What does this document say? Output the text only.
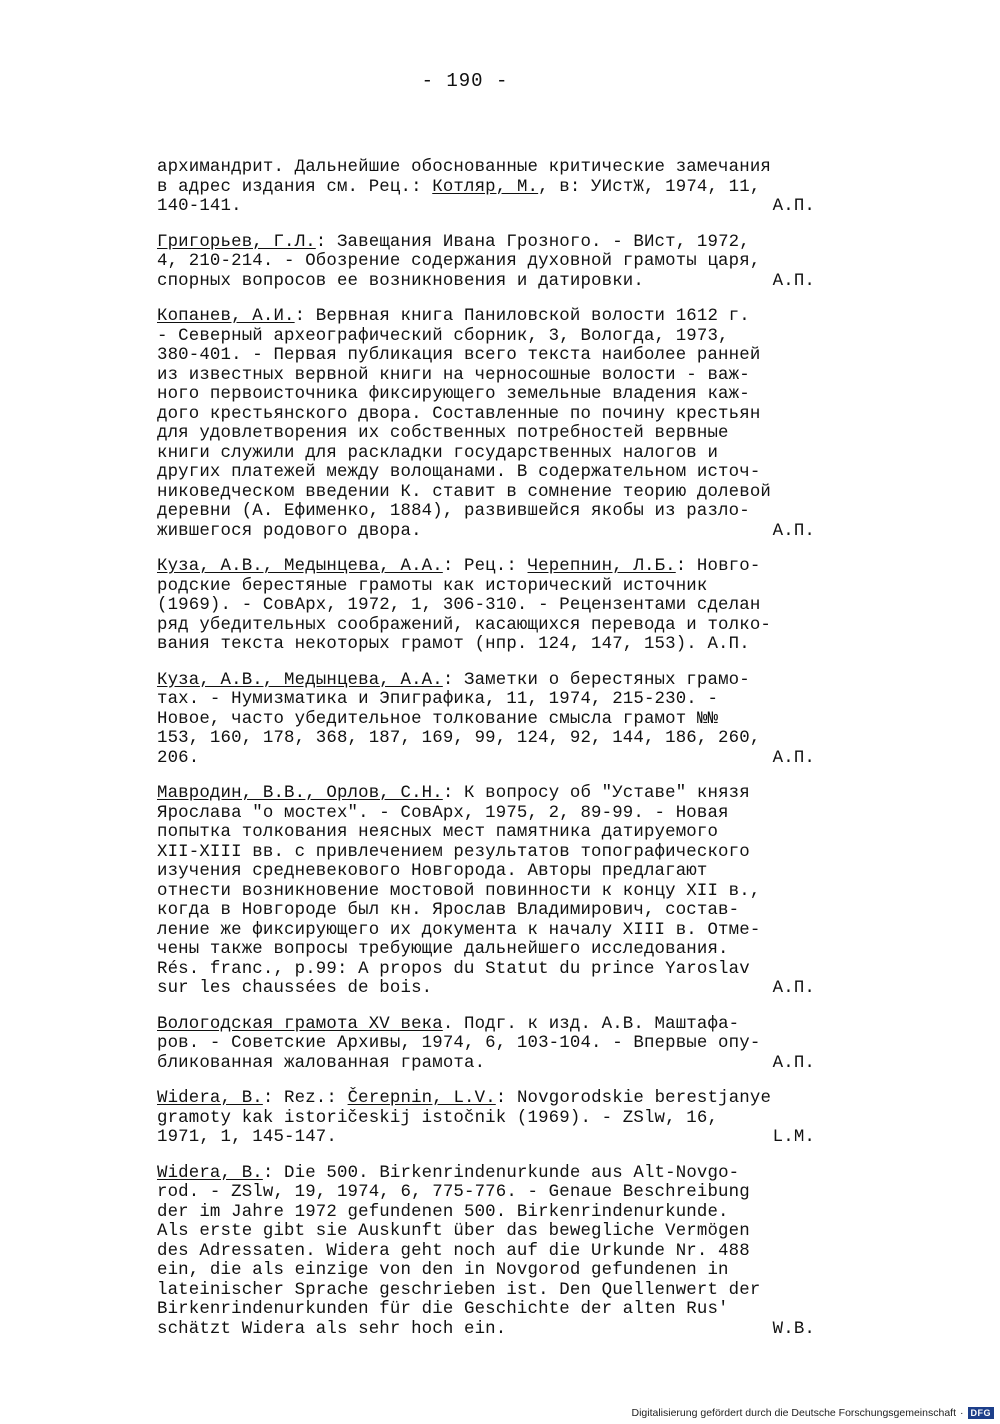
- 190 -
архимандрит. Дальнейшие обоснованные критические замечания
в адрес издания см. Рец.: Котляр, М., в: УИстЖ, 1974, 11,
140-141.	А.П.
Григорьев, Г.Л.: Завещания Ивана Грозного. - ВИст, 1972,
4, 210-214. - Обозрение содержания духовной грамоты царя,
спорных вопросов ее возникновения и датировки.	А.П.
Копанев, А.И.: Вервная книга Паниловской волости 1612 г.
- Северный археографический сборник, 3, Вологда, 1973,
380-401. - Первая публикация всего текста наиболее ранней
из известных вервной книги на черносошные волости - важ-
ного первоисточника фиксирующего земельные владения каж-
дого крестьянского двора. Составленные по почину крестьян
для удовлетворения их собственных потребностей вервные
книги служили для раскладки государственных налогов и
других платежей между волощанами. В содержательном источ-
никоведческом введении К. ставит в сомнение теорию долевой
деревни (А. Ефименко, 1884), развившейся якобы из разло-
жившегося родового двора.	А.П.
Куза, А.В., Медынцева, А.А.: Рец.: Черепнин, Л.Б.: Новго-
родские берестяные грамоты как исторический источник
(1969). - СовАрх, 1972, 1, 306-310. - Рецензентами сделан
ряд убедительных соображений, касающихся перевода и толко-
вания текста некоторых грамот (нпр. 124, 147, 153). А.П.
Куза, А.В., Медынцева, А.А.: Заметки о берестяных грамо-
тах. - Нумизматика и Эпиграфика, 11, 1974, 215-230. -
Новое, часто убедительное толкование смысла грамот №№
153, 160, 178, 368, 187, 169, 99, 124, 92, 144, 186, 260,
206.	А.П.
Мавродин, В.В., Орлов, С.Н.: К вопросу об "Уставе" князя
Ярослава "о мостех". - СовАрх, 1975, 2, 89-99. - Новая
попытка толкования неясных мест памятника датируемого
XII-XIII вв. с привлечением результатов топографического
изучения средневекового Новгорода. Авторы предлагают
отнести возникновение мостовой повинности к концу XII в.,
когда в Новгороде был кн. Ярослав Владимирович, состав-
ление же фиксирующего их документа к началу XIII в. Отме-
чены также вопросы требующие дальнейшего исследования.
Rés. franc., p.99: A propos du Statut du prince Yaroslav
sur les chaussées de bois.	А.П.
Вологодская грамота XV века. Подг. к изд. А.В. Маштафа-
ров. - Советские Архивы, 1974, 6, 103-104. - Впервые опу-
бликованная жалованная грамота.	А.П.
Widera, B.: Rez.: Čerepnin, L.V.: Novgorodskie berestjanye
gramoty kak istoričeskij istočnik (1969). - ZSlw, 16,
1971, 1, 145-147.	L.M.
Widera, B.: Die 500. Birkenrindenurkunde aus Alt-Novgo-
rod. - ZSlw, 19, 1974, 6, 775-776. - Genaue Beschreibung
der im Jahre 1972 gefundenen 500. Birkenrindenurkunde.
Als erste gibt sie Auskunft über das bewegliche Vermögen
des Adressaten. Widera geht noch auf die Urkunde Nr. 488
ein, die als einzige von den in Novgorod gefundenen in
lateinischer Sprache geschrieben ist. Den Quellenwert der
Birkenrindenurkunden für die Geschichte der alten Rus'
schätzt Widera als sehr hoch ein.	W.B.
Digitalisierung gefördert durch die Deutsche Forschungsgemeinschaft · DFG
